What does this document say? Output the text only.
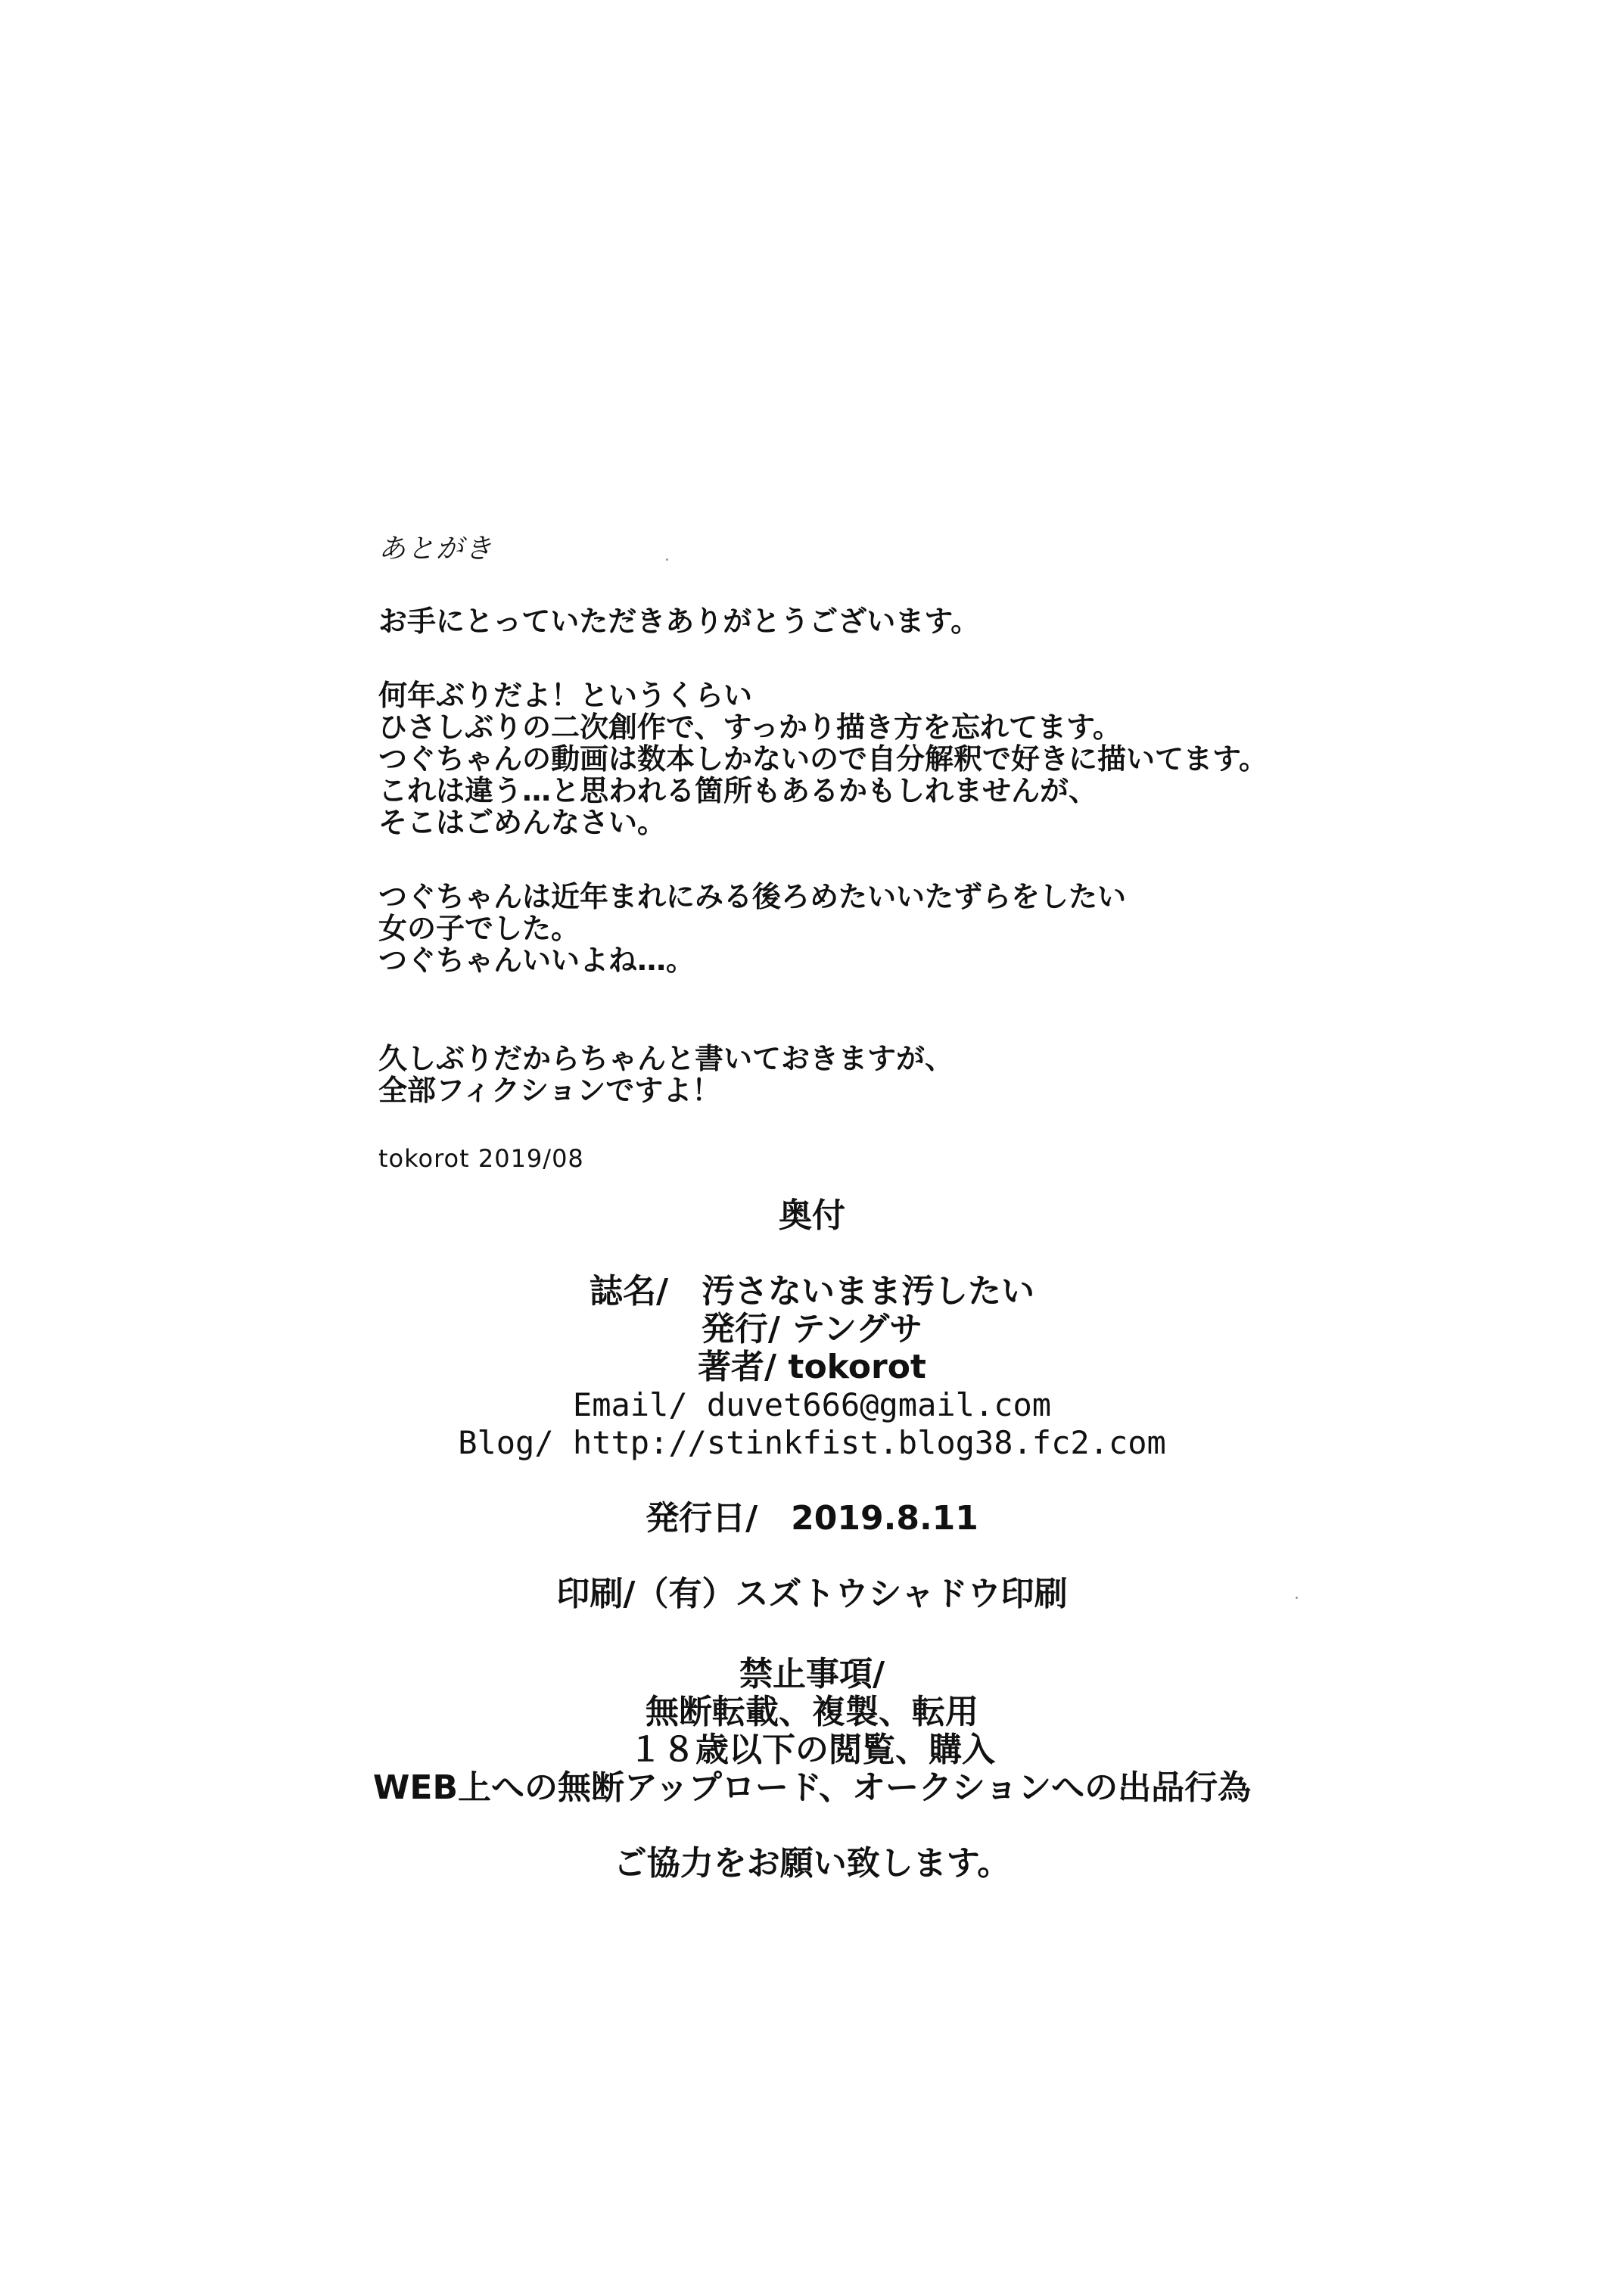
あとがき
お手にとっていただきありがとうございます。
何年ぶりだよ！というくらい
ひさしぶりの二次創作で、すっかり描き方を忘れてます。
つぐちゃんの動画は数本しかないので自分解釈で好きに描いてます。
これは違う…と思われる箇所もあるかもしれませんが、
そこはごめんなさい。
つぐちゃんは近年まれにみる後ろめたいいたずらをしたい
女の子でした。
つぐちゃんいいよね…。
久しぶりだからちゃんと書いておきますが、
全部フィクションですよ！
tokorot 2019/08
奥付
誌名/　汚さないまま汚したい
発行/ テングサ
著者/ tokorot
Email/ duvet666@gmail.com
Blog/ http://stinkfist.blog38.fc2.com
発行日/　2019.8.11
印刷/（有）スズトウシャドウ印刷
禁止事項/
無断転載、複製、転用
１８歳以下の閲覧、購入
WEB上への無断アップロード、オークションへの出品行為
ご協力をお願い致します。
